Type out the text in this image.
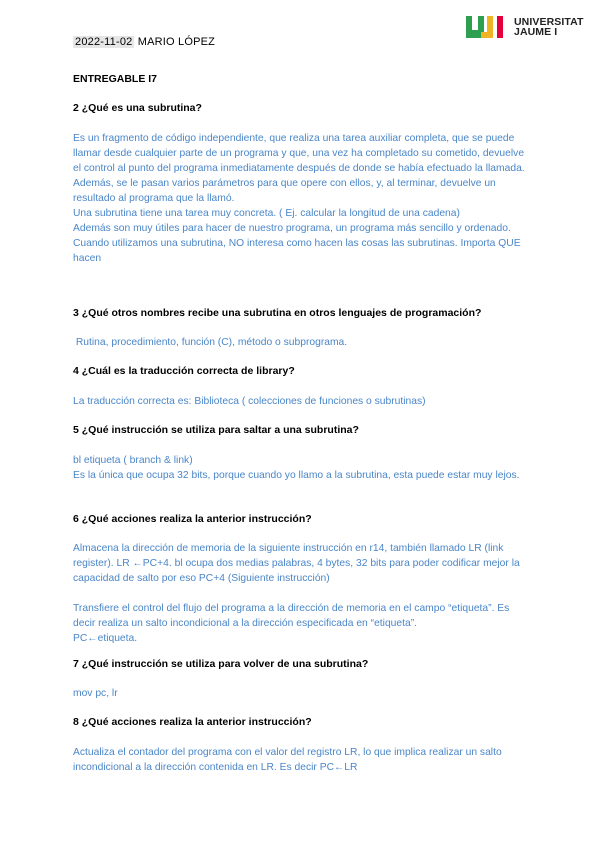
2022-11-02 MARIO LÓPEZ
UNIVERSITAT
JAUME I
ENTREGABLE I7
2 ¿Qué es una subrutina?

Es un fragmento de código independiente, que realiza una tarea auxiliar completa, que se puede llamar desde cualquier parte de un programa y que, una vez ha completado su cometido, devuelve el control al punto del programa inmediatamente después de donde se había efectuado la llamada.

Además, se le pasan varios parámetros para que opere con ellos, y, al terminar, devuelve un resultado al programa que la llamó.

Una subrutina tiene una tarea muy concreta. ( Ej. calcular la longitud de una cadena)

Además son muy útiles para hacer de nuestro programa, un programa más sencillo y ordenado.

Cuando utilizamos una subrutina, NO interesa como hacen las cosas las subrutinas. Importa QUE hacen

3 ¿Qué otros nombres recibe una subrutina en otros lenguajes de programación?

Rutina, procedimiento, función (C), método o subprograma.

4 ¿Cuál es la traducción correcta de library?

La traducción correcta es: Biblioteca ( colecciones de funciones o subrutinas)

5 ¿Qué instrucción se utiliza para saltar a una subrutina?

bl etiqueta ( branch & link)

Es la única que ocupa 32 bits, porque cuando yo llamo a la subrutina, esta puede estar muy lejos.

6 ¿Qué acciones realiza la anterior instrucción?

Almacena la dirección de memoria de la siguiente instrucción en r14, también llamado LR (link register). LR ←PC+4. bl ocupa dos medias palabras, 4 bytes, 32 bits para poder codificar mejor la capacidad de salto por eso PC+4 (Siguiente instrucción)

Transfiere el control del flujo del programa a la dirección de memoria en el campo “etiqueta”. Es decir realiza un salto incondicional a la dirección especificada en “etiqueta”.

PC←etiqueta.

7 ¿Qué instrucción se utiliza para volver de una subrutina?

mov pc, lr

8 ¿Qué acciones realiza la anterior instrucción?

Actualiza el contador del programa con el valor del registro LR, lo que implica realizar un salto incondicional a la dirección contenida en LR. Es decir PC←LR
